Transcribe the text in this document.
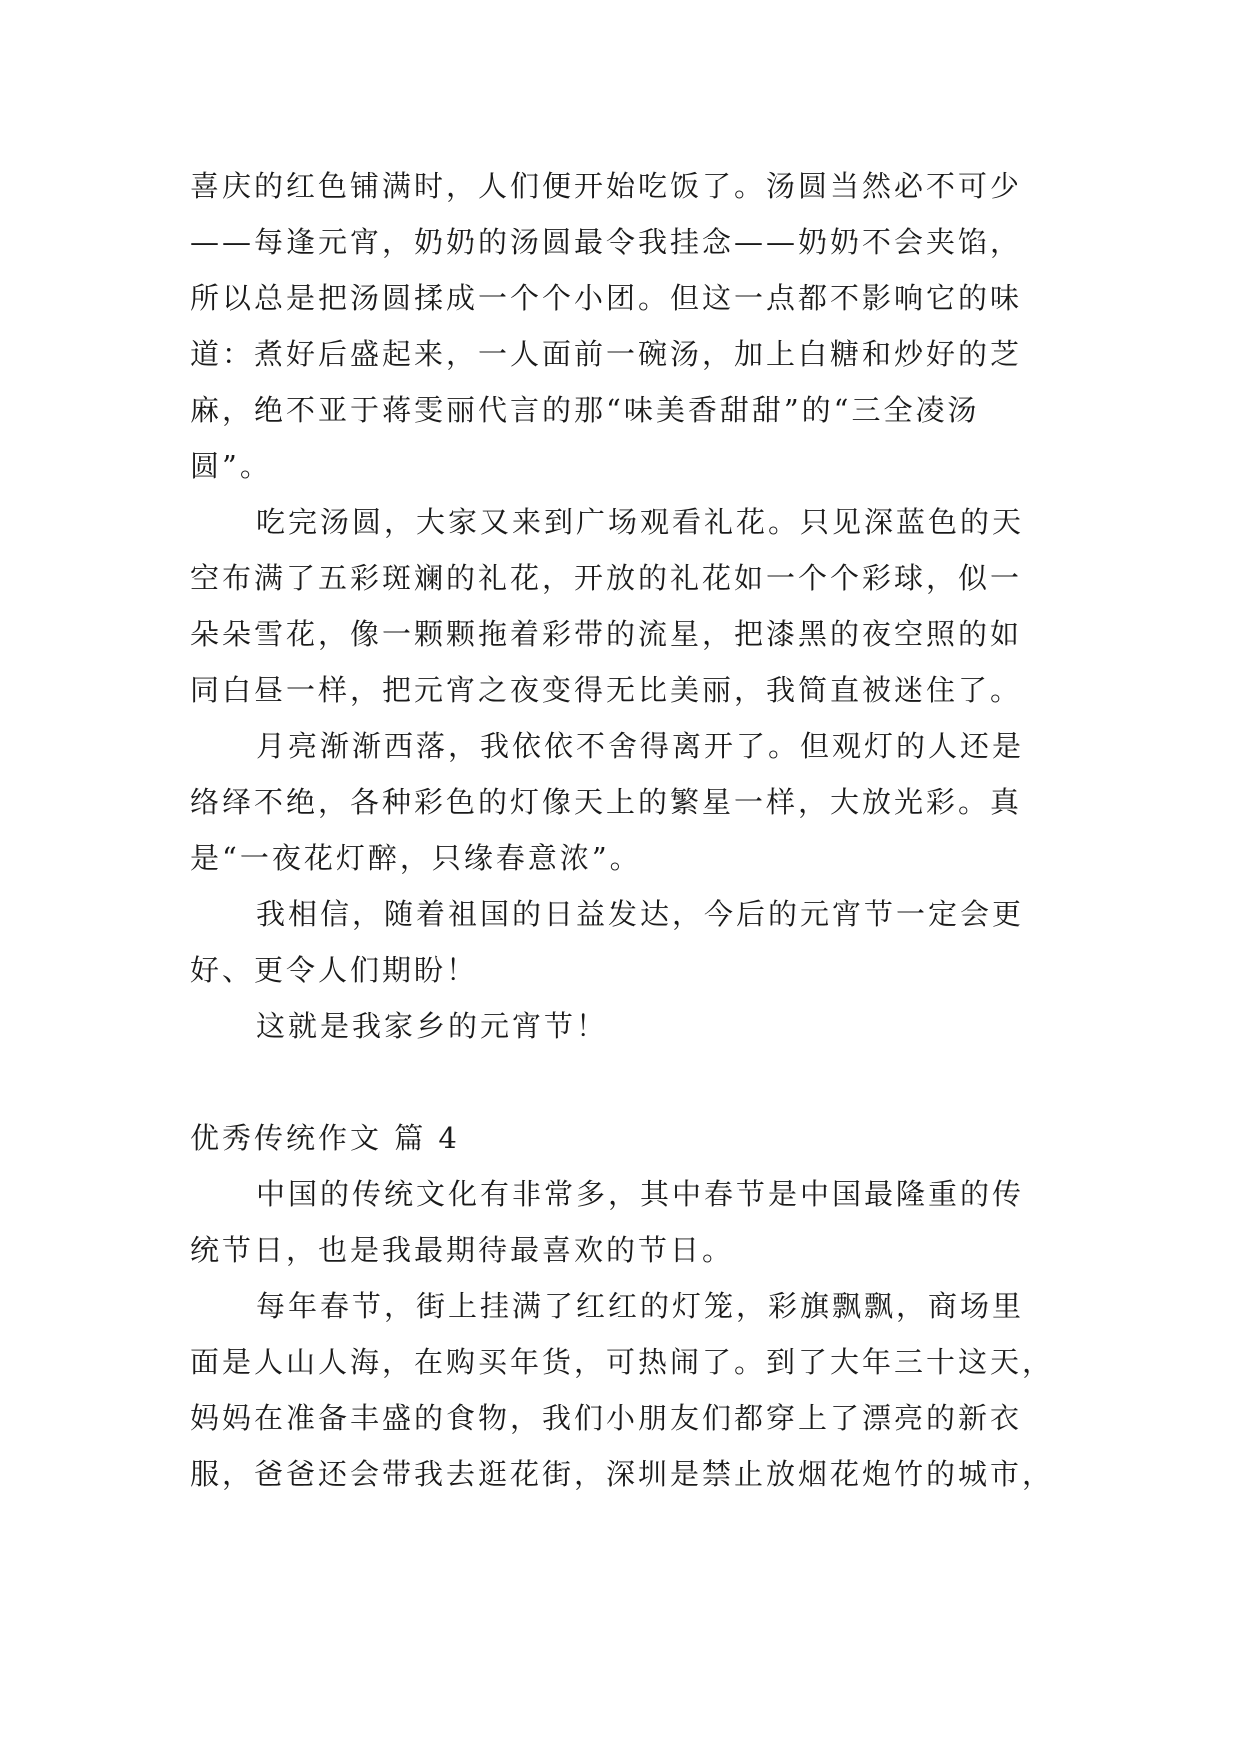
喜庆的红色铺满时，人们便开始吃饭了。汤圆当然必不可少
——每逢元宵，奶奶的汤圆最令我挂念——奶奶不会夹馅，
所以总是把汤圆揉成一个个小团。但这一点都不影响它的味
道：煮好后盛起来，一人面前一碗汤，加上白糖和炒好的芝
麻，绝不亚于蒋雯丽代言的那“味美香甜甜”的“三全凌汤
圆”。
吃完汤圆，大家又来到广场观看礼花。只见深蓝色的天
空布满了五彩斑斓的礼花，开放的礼花如一个个彩球，似一
朵朵雪花，像一颗颗拖着彩带的流星，把漆黑的夜空照的如
同白昼一样，把元宵之夜变得无比美丽，我简直被迷住了。
月亮渐渐西落，我依依不舍得离开了。但观灯的人还是
络绎不绝，各种彩色的灯像天上的繁星一样，大放光彩。真
是“一夜花灯醉，只缘春意浓”。
我相信，随着祖国的日益发达，今后的元宵节一定会更
好、更令人们期盼！
这就是我家乡的元宵节！
优秀传统作文 篇 4
中国的传统文化有非常多，其中春节是中国最隆重的传
统节日，也是我最期待最喜欢的节日。
每年春节，街上挂满了红红的灯笼，彩旗飘飘，商场里
面是人山人海，在购买年货，可热闹了。到了大年三十这天，
妈妈在准备丰盛的食物，我们小朋友们都穿上了漂亮的新衣
服，爸爸还会带我去逛花街，深圳是禁止放烟花炮竹的城市，
